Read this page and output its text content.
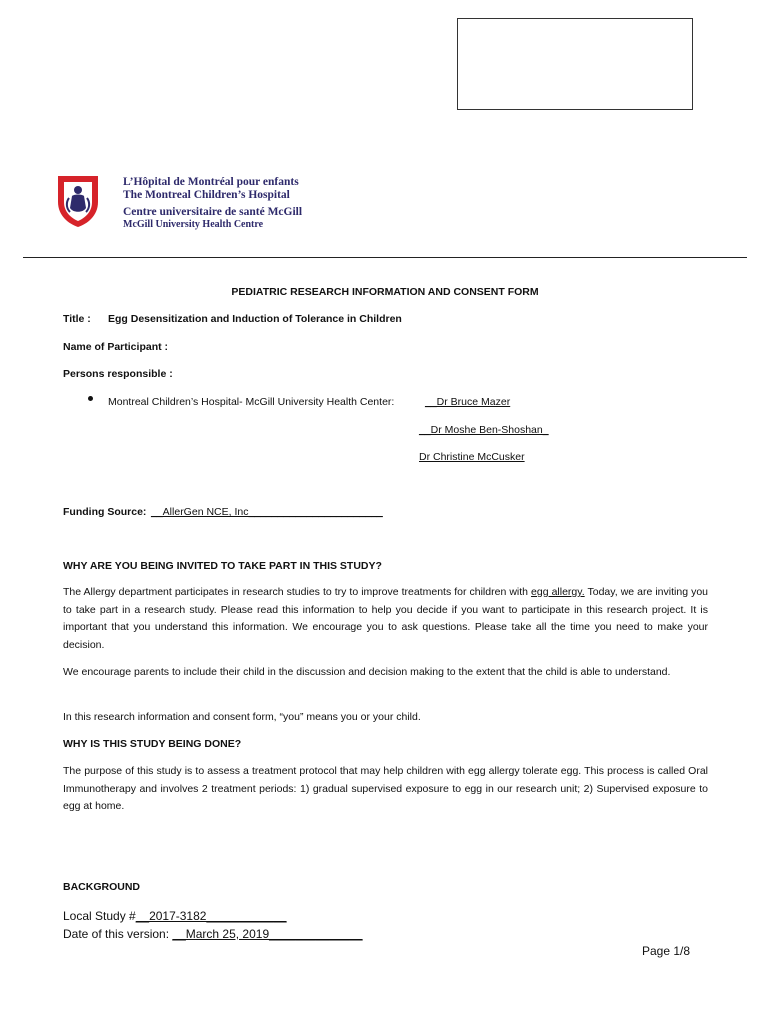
L’Hôpital de Montréal pour enfants
The Montreal Children’s Hospital
Centre universitaire de santé McGill
McGill University Health Centre
PEDIATRIC RESEARCH INFORMATION AND CONSENT FORM
Title : Egg Desensitization and Induction of Tolerance in Children
Name of Participant :
Persons responsible :
Montreal Children’s Hospital- McGill University Health Center:	__Dr Bruce Mazer
__Dr Moshe Ben-Shoshan_
Dr Christine McCusker
Funding Source: __AllerGen NCE, Inc_______________________
WHY ARE YOU BEING INVITED TO TAKE PART IN THIS STUDY?
The Allergy department participates in research studies to try to improve treatments for children with egg allergy. Today, we are inviting you to take part in a research study. Please read this information to help you decide if you want to participate in this research project. It is important that you understand this information. We encourage you to ask questions. Please take all the time you need to make your decision.
We encourage parents to include their child in the discussion and decision making to the extent that the child is able to understand.
In this research information and consent form, “you” means you or your child.
WHY IS THIS STUDY BEING DONE?
The purpose of this study is to assess a treatment protocol that may help children with egg allergy tolerate egg. This process is called Oral Immunotherapy and involves 2 treatment periods: 1) gradual supervised exposure to egg in our research unit; 2) Supervised exposure to egg at home.
BACKGROUND
Local Study #__2017-3182____________
Date of this version: __March 25, 2019______________
Page 1/8
